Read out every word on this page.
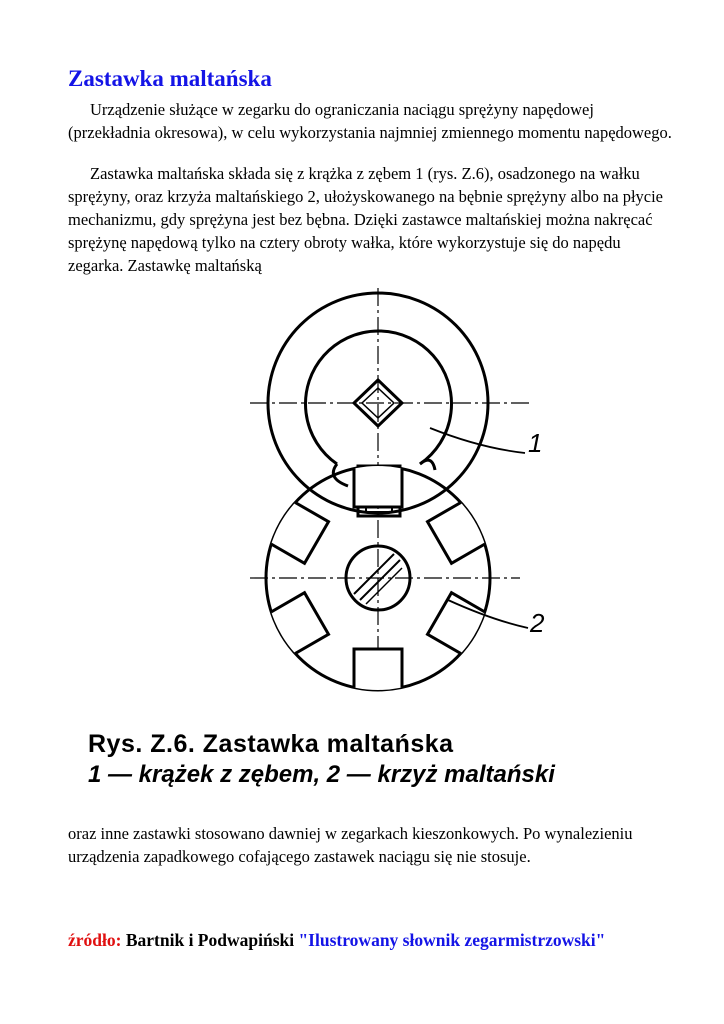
Zastawka maltańska

Urządzenie służące w zegarku do ograniczania naciągu sprężyny napędowej (przekładnia okresowa), w celu wykorzystania najmniej zmiennego momentu napędowego.

Zastawka maltańska składa się z krążka z zębem 1 (rys. Z.6), osadzonego na wałku sprężyny, oraz krzyża maltańskiego 2, ułożyskowanego na bębnie sprężyny albo na płycie mechanizmu, gdy sprężyna jest bez bębna. Dzięki zastawce maltańskiej można nakręcać sprężynę napędową tylko na cztery obroty wałka, które wykorzystuje się do napędu zegarka. Zastawkę maltańską

1
2
Rys. Z.6. Zastawka maltańska
1 — krążek z zębem, 2 — krzyż maltański

oraz inne zastawki stosowano dawniej w zegarkach kieszonkowych. Po wynalezieniu urządzenia zapadkowego cofającego zastawek naciągu się nie stosuje.

źródło: Bartnik i Podwapiński "Ilustrowany słownik zegarmistrzowski"
